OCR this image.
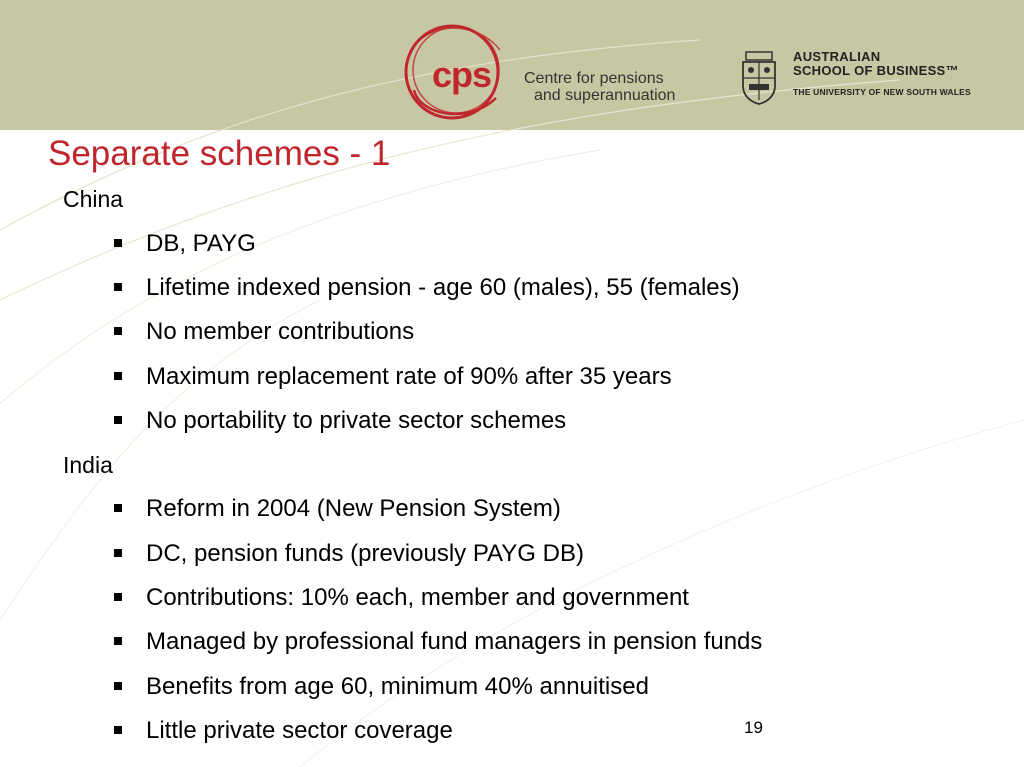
cps Centre for pensions
and superannuation
AUSTRALIAN
SCHOOL OF BUSINESS™
THE UNIVERSITY OF NEW SOUTH WALES
Separate schemes - 1
China
DB, PAYG
Lifetime indexed pension - age 60 (males), 55 (females)
No member contributions
Maximum replacement rate of 90% after 35 years
No portability to private sector schemes
India
Reform in 2004 (New Pension System)
DC, pension funds (previously PAYG DB)
Contributions: 10% each, member and government
Managed by professional fund managers in pension funds
Benefits from age 60, minimum 40% annuitised
Little private sector coverage	19
